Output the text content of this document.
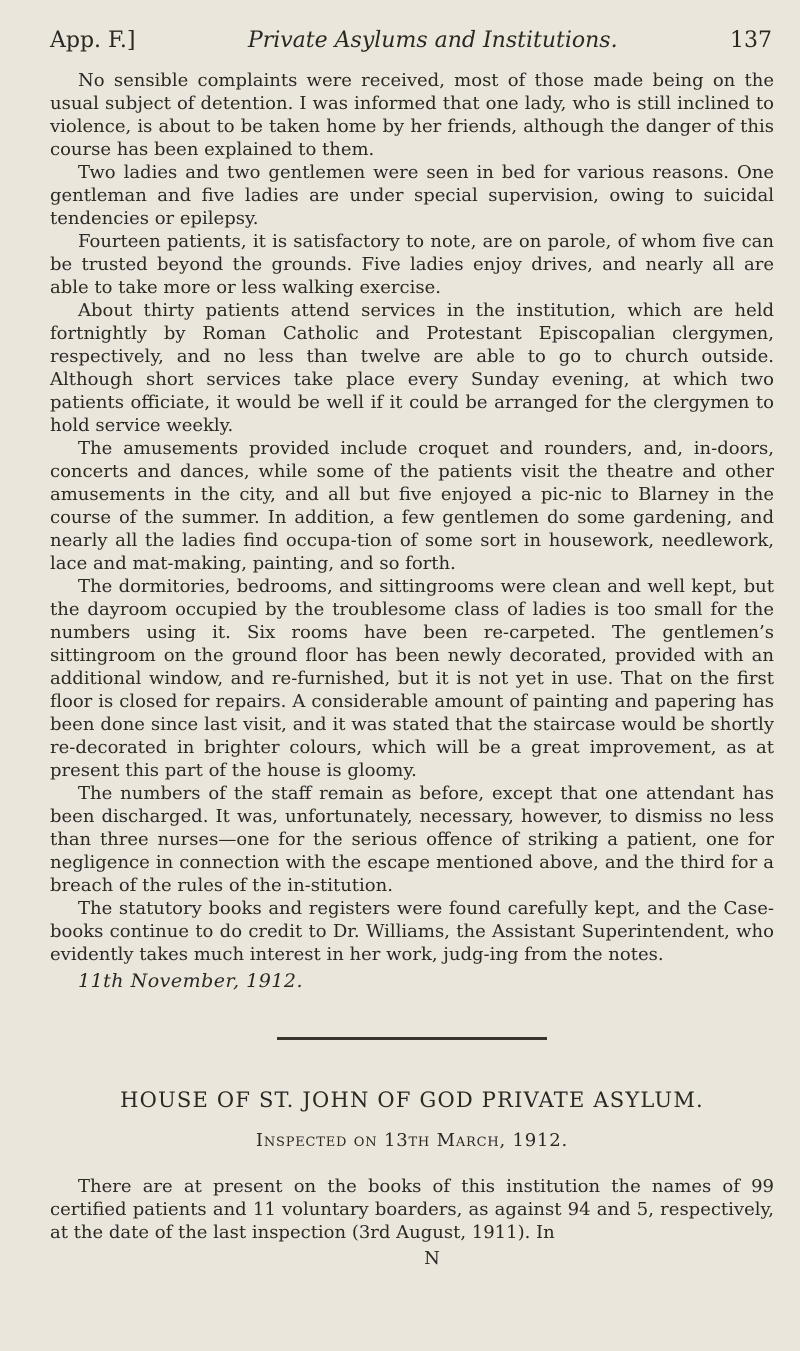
App. F.]	Private Asylums and Institutions.	137

No sensible complaints were received, most of those made being on the usual subject of detention. I was informed that one lady, who is still inclined to violence, is about to be taken home by her friends, although the danger of this course has been explained to them.

Two ladies and two gentlemen were seen in bed for various reasons. One gentleman and five ladies are under special supervision, owing to suicidal tendencies or epilepsy.

Fourteen patients, it is satisfactory to note, are on parole, of whom five can be trusted beyond the grounds. Five ladies enjoy drives, and nearly all are able to take more or less walking exercise.

About thirty patients attend services in the institution, which are held fortnightly by Roman Catholic and Protestant Episcopalian clergymen, respectively, and no less than twelve are able to go to church outside. Although short services take place every Sunday evening, at which two patients officiate, it would be well if it could be arranged for the clergymen to hold service weekly.

The amusements provided include croquet and rounders, and, in-doors, concerts and dances, while some of the patients visit the theatre and other amusements in the city, and all but five enjoyed a pic-nic to Blarney in the course of the summer. In addition, a few gentlemen do some gardening, and nearly all the ladies find occupa-tion of some sort in housework, needlework, lace and mat-making, painting, and so forth.

The dormitories, bedrooms, and sittingrooms were clean and well kept, but the dayroom occupied by the troublesome class of ladies is too small for the numbers using it. Six rooms have been re-carpeted. The gentlemen’s sittingroom on the ground floor has been newly decorated, provided with an additional window, and re-furnished, but it is not yet in use. That on the first floor is closed for repairs. A considerable amount of painting and papering has been done since last visit, and it was stated that the staircase would be shortly re-decorated in brighter colours, which will be a great improvement, as at present this part of the house is gloomy.

The numbers of the staff remain as before, except that one attendant has been discharged. It was, unfortunately, necessary, however, to dismiss no less than three nurses—one for the serious offence of striking a patient, one for negligence in connection with the escape mentioned above, and the third for a breach of the rules of the in-stitution.

The statutory books and registers were found carefully kept, and the Case-books continue to do credit to Dr. Williams, the Assistant Superintendent, who evidently takes much interest in her work, judg-ing from the notes.

11th November, 1912.

HOUSE OF ST. JOHN OF GOD PRIVATE ASYLUM.
Inspected on 13th March, 1912.

There are at present on the books of this institution the names of 99 certified patients and 11 voluntary boarders, as against 94 and 5, respectively, at the date of the last inspection (3rd August, 1911). In

N
